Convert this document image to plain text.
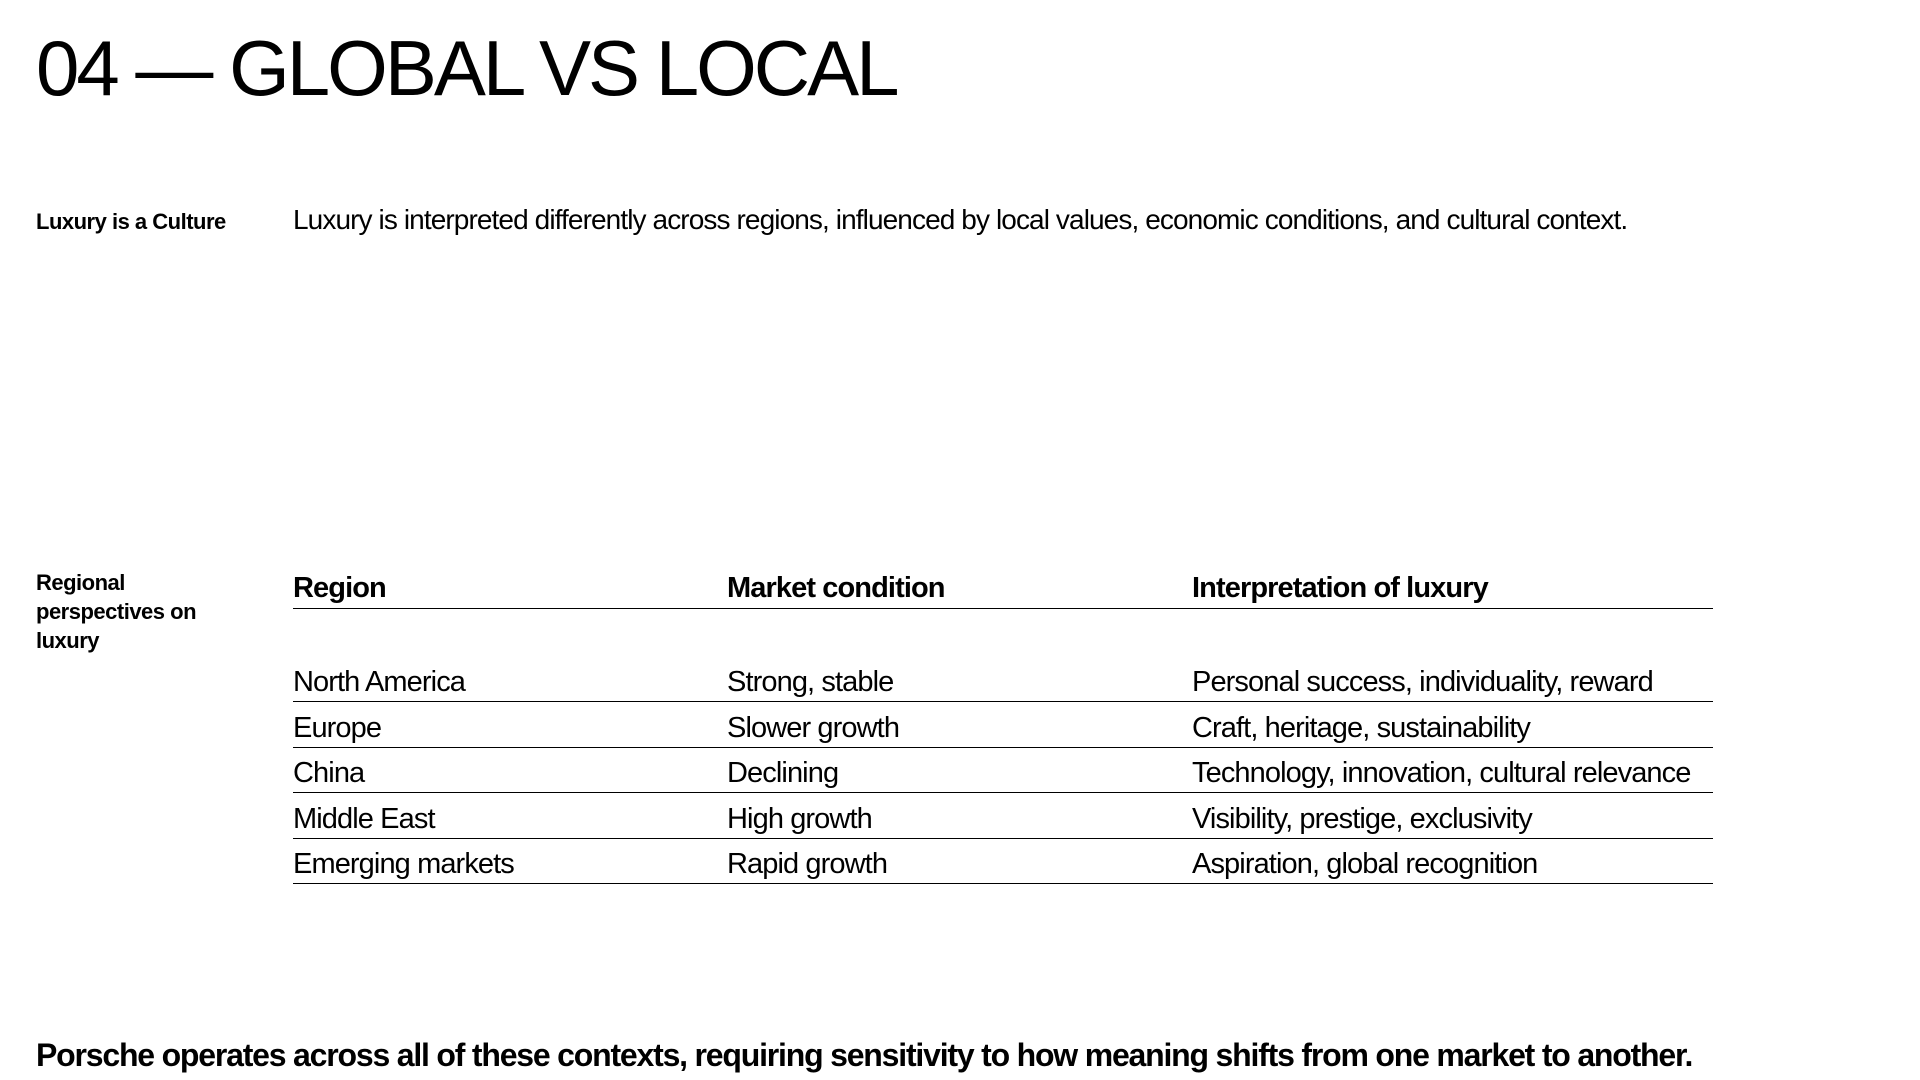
04 — GLOBAL VS LOCAL
Luxury is a Culture	Luxury is interpreted differently across regions, influenced by local values, economic conditions, and cultural context.
Regional perspectives on luxury
Region	Market condition	Interpretation of luxury
North America	Strong, stable	Personal success, individuality, reward
Europe	Slower growth	Craft, heritage, sustainability
China	Declining	Technology, innovation, cultural relevance
Middle East	High growth	Visibility, prestige, exclusivity
Emerging markets	Rapid growth	Aspiration, global recognition

Porsche operates across all of these contexts, requiring sensitivity to how meaning shifts from one market to another.
